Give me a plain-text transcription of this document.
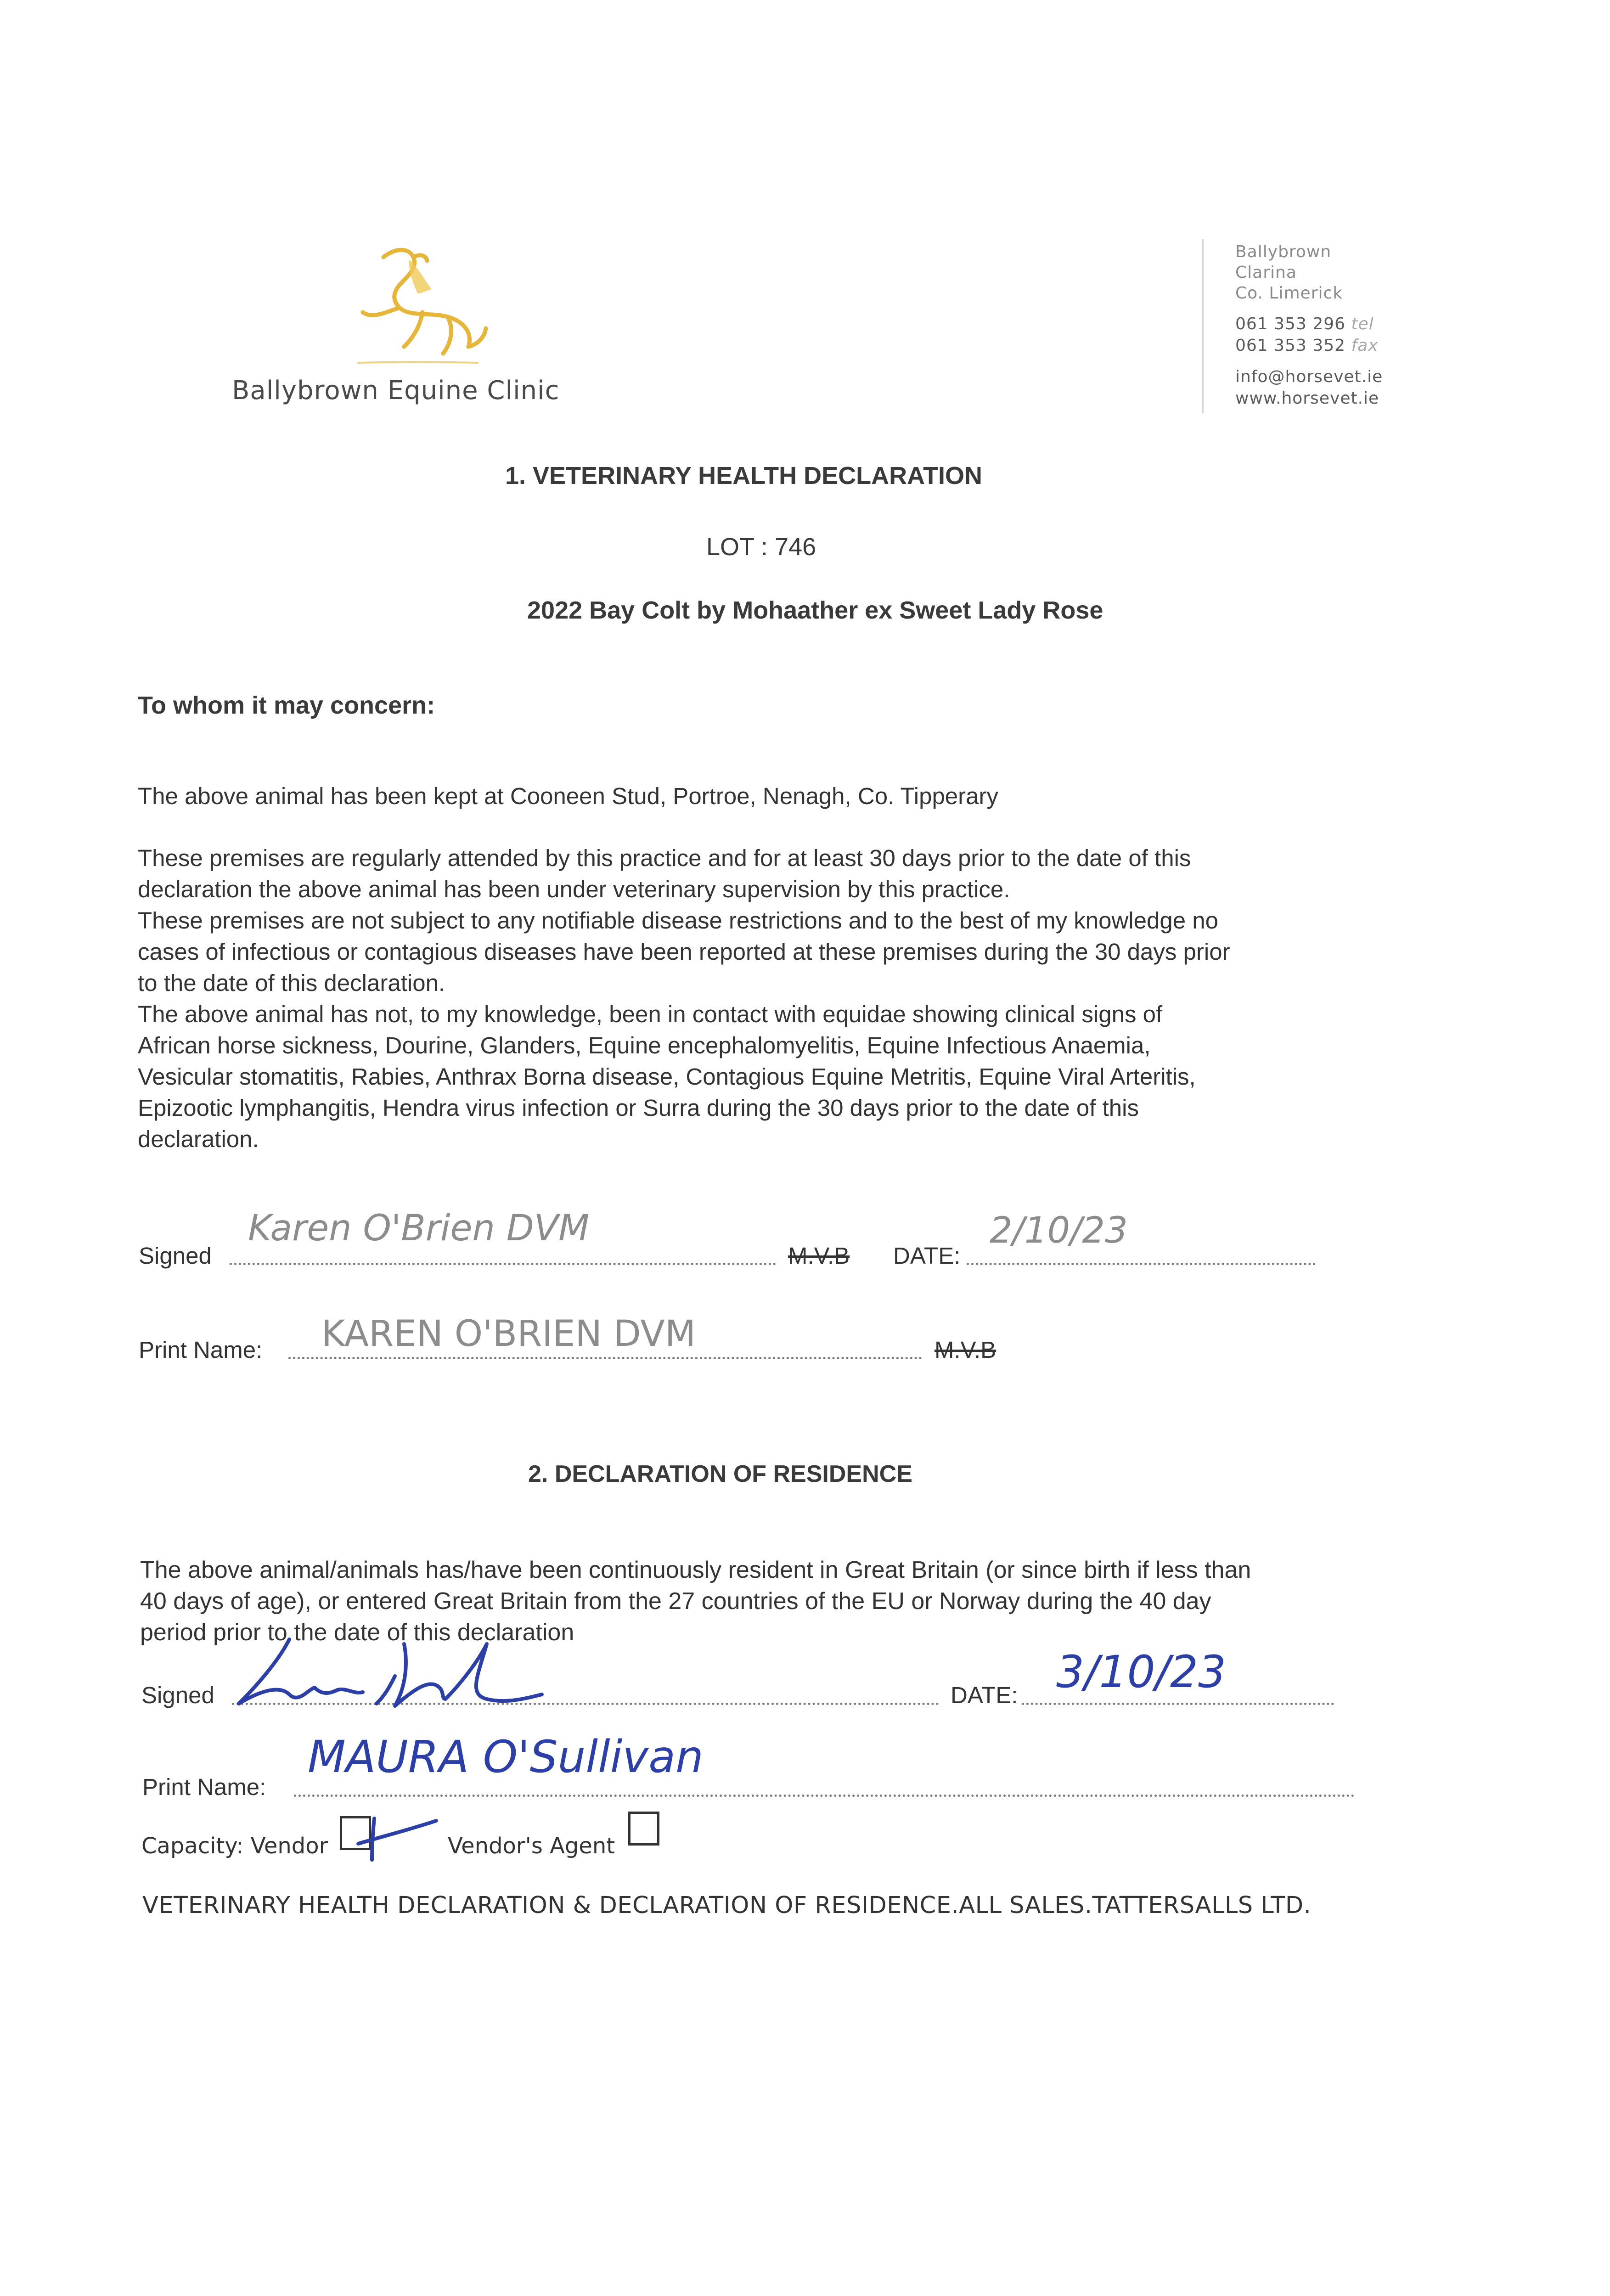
Ballybrown Equine Clinic
Ballybrown
Clarina
Co. Limerick
061 353 296 tel
061 353 352 fax
info@horsevet.ie
www.horsevet.ie
1. VETERINARY HEALTH DECLARATION
LOT : 746
2022 Bay Colt by Mohaather ex Sweet Lady Rose
To whom it may concern:
The above animal has been kept at Cooneen Stud, Portroe, Nenagh, Co. Tipperary
These premises are regularly attended by this practice and for at least 30 days prior to the date of this
declaration the above animal has been under veterinary supervision by this practice.
These premises are not subject to any notifiable disease restrictions and to the best of my knowledge no
cases of infectious or contagious diseases have been reported at these premises during the 30 days prior
to the date of this declaration.
The above animal has not, to my knowledge, been in contact with equidae showing clinical signs of
African horse sickness, Dourine, Glanders, Equine encephalomyelitis, Equine Infectious Anaemia,
Vesicular stomatitis, Rabies, Anthrax Borna disease, Contagious Equine Metritis, Equine Viral Arteritis,
Epizootic lymphangitis, Hendra virus infection or Surra during the 30 days prior to the date of this
declaration.
Signed
Karen O'Brien DVM
M.V.B DATE:
2/10/23
Print Name: KAREN O'BRIEN DVM	M.V.B
2. DECLARATION OF RESIDENCE
The above animal/animals has/have been continuously resident in Great Britain (or since birth if less than
40 days of age), or entered Great Britain from the 27 countries of the EU or Norway during the 40 day
period prior to the date of this declaration
Signed	DATE: 3/10/23
Print Name:
MAURA O'Sullivan
Capacity: Vendor	Vendor's Agent
VETERINARY HEALTH DECLARATION & DECLARATION OF RESIDENCE.ALL SALES.TATTERSALLS LTD.
